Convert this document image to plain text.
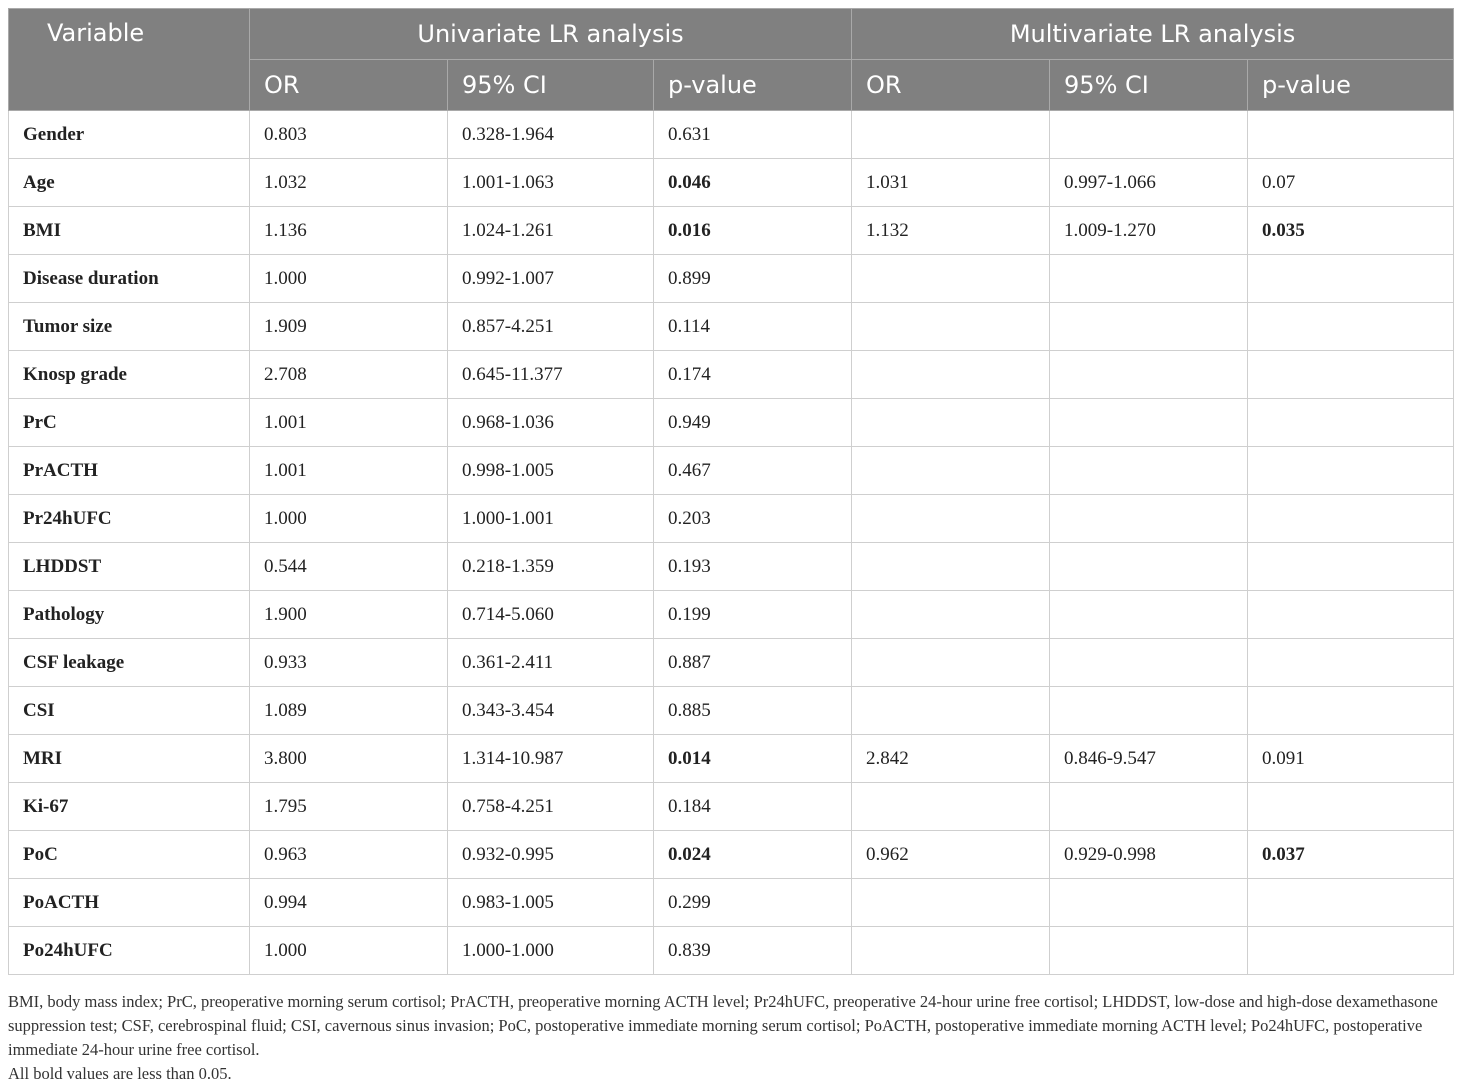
Variable	Univariate LR analysis			Multivariate LR analysis		
	OR	95% CI	p-value	OR	95% CI	p-value
Gender	0.803	0.328-1.964	0.631			
Age	1.032	1.001-1.063	0.046	1.031	0.997-1.066	0.07
BMI	1.136	1.024-1.261	0.016	1.132	1.009-1.270	0.035
Disease duration	1.000	0.992-1.007	0.899			
Tumor size	1.909	0.857-4.251	0.114			
Knosp grade	2.708	0.645-11.377	0.174			
PrC	1.001	0.968-1.036	0.949			
PrACTH	1.001	0.998-1.005	0.467			
Pr24hUFC	1.000	1.000-1.001	0.203			
LHDDST	0.544	0.218-1.359	0.193			
Pathology	1.900	0.714-5.060	0.199			
CSF leakage	0.933	0.361-2.411	0.887			
CSI	1.089	0.343-3.454	0.885			
MRI	3.800	1.314-10.987	0.014	2.842	0.846-9.547	0.091
Ki-67	1.795	0.758-4.251	0.184			
PoC	0.963	0.932-0.995	0.024	0.962	0.929-0.998	0.037
PoACTH	0.994	0.983-1.005	0.299			
Po24hUFC	1.000	1.000-1.000	0.839			

BMI, body mass index; PrC, preoperative morning serum cortisol; PrACTH, preoperative morning ACTH level; Pr24hUFC, preoperative 24-hour urine free cortisol; LHDDST, low-dose and high-dose dexamethasone suppression test; CSF, cerebrospinal fluid; CSI, cavernous sinus invasion; PoC, postoperative immediate morning serum cortisol; PoACTH, postoperative immediate morning ACTH level; Po24hUFC, postoperative immediate 24-hour urine free cortisol.

All bold values are less than 0.05.
